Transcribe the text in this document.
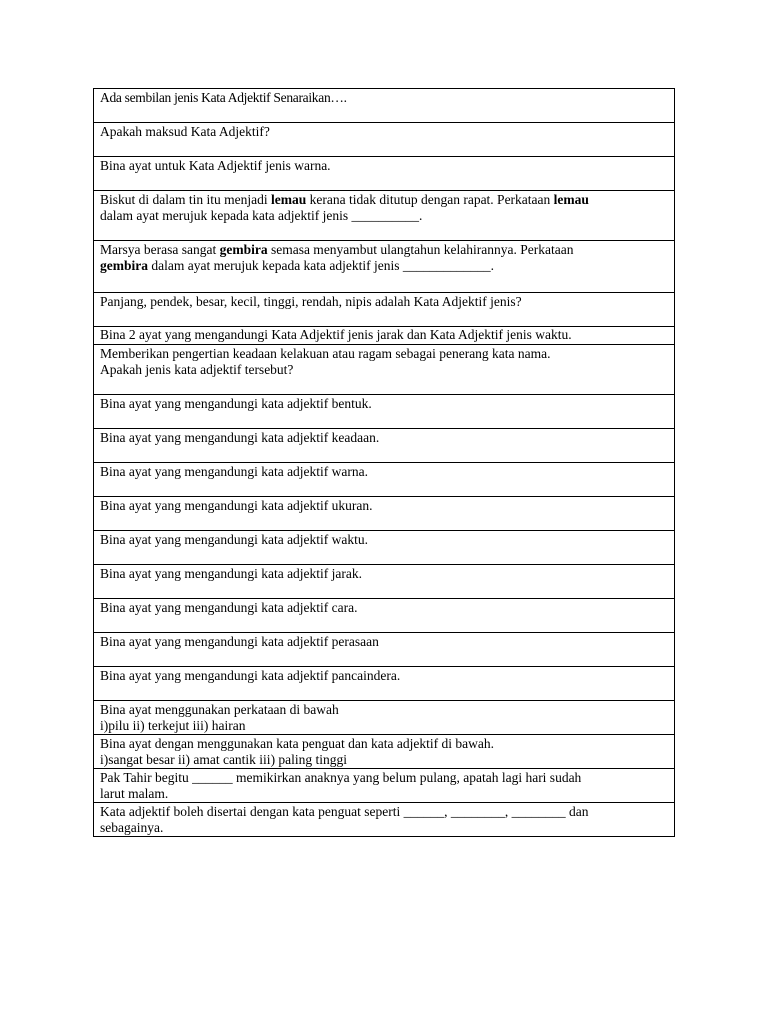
Ada sembilan jenis Kata Adjektif Senaraikan….

Apakah maksud Kata Adjektif?

Bina ayat untuk Kata Adjektif jenis warna.

Biskut di dalam tin itu menjadi lemau kerana tidak ditutup dengan rapat. Perkataan lemau
dalam ayat merujuk kepada kata adjektif jenis __________.

Marsya berasa sangat gembira semasa menyambut ulangtahun kelahirannya. Perkataan
gembira dalam ayat merujuk kepada kata adjektif jenis _____________.

Panjang, pendek, besar, kecil, tinggi, rendah, nipis adalah Kata Adjektif jenis?

Bina 2 ayat yang mengandungi Kata Adjektif jenis jarak dan Kata Adjektif jenis waktu.

Memberikan pengertian keadaan kelakuan atau ragam sebagai penerang kata nama.
Apakah jenis kata adjektif tersebut?

Bina ayat yang mengandungi kata adjektif bentuk.

Bina ayat yang mengandungi kata adjektif keadaan.

Bina ayat yang mengandungi kata adjektif warna.

Bina ayat yang mengandungi kata adjektif ukuran.

Bina ayat yang mengandungi kata adjektif waktu.

Bina ayat yang mengandungi kata adjektif jarak.

Bina ayat yang mengandungi kata adjektif cara.

Bina ayat yang mengandungi kata adjektif perasaan

Bina ayat yang mengandungi kata adjektif pancaindera.

Bina ayat menggunakan perkataan di bawah
i)pilu ii) terkejut iii) hairan

Bina ayat dengan menggunakan kata penguat dan kata adjektif di bawah.
i)sangat besar ii) amat cantik iii) paling tinggi

Pak Tahir begitu ______ memikirkan anaknya yang belum pulang, apatah lagi hari sudah
larut malam.

Kata adjektif boleh disertai dengan kata penguat seperti ______, ________, ________ dan
sebagainya.
